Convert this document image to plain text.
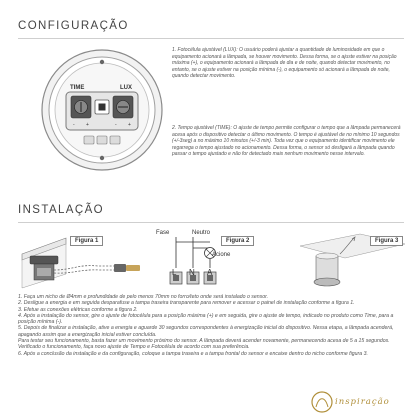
CONFIGURAÇÃO
TIME	LUX
- +	- +
1. Fotocélula ajustável (LUX): O usuário poderá ajustar a quantidade de luminosidade em que o equipamento acionará a lâmpada, se houver movimento. Dessa forma, se o ajuste estiver na posição máxima (+), o equipamento acionará a lâmpada de dia e de noite, quando detectar movimento, no entanto, se o ajuste estiver na posição mínima (-), o equipamento só acionará a lâmpada de noite, quando detectar movimento.
2. Tempo ajustável (TIME): O ajuste de tempo permite configurar o tempo que a lâmpada permanecerá acesa após o dispositivo detectar o último movimento. O tempo é ajustável de no mínimo 10 segundos (+/-3seg) a no máximo 10 minutos (+/-3 min). Toda vez que o equipamento identificar movimento ele regarrega o tempo ajustado no acionamento. Dessa forma, o sensor só desligará a lâmpada quando passar o tempo ajustado e não for detectado mais nenhum movimento nesse intervalo.
INSTALAÇÃO
Figura 1
Fase	Neutro
Acione
L N A
Figura 2	Figura 3

1. Faça um nicho de Ø4mm e profundidade de pelo menos 70mm no forro/teto onde será instalado o sensor.

2. Desligue a energia e em seguida desparafuse a tampa traseira transparente para remover e acessar o painel de instalação conforme a figura 1.

3. Efetue as conexões elétricas conforme a figura 2.

4. Após a instalação do sensor, gire o ajuste de fotocélula para a posição máxima (+) e em seguida, gire o ajuste de tempo, indicado no produto como Time, para a posição mínima (-).

5. Depois de finalizar a instalação, ative a energia e aguarde 30 segundos correspondentes à energização inicial do dispositivo. Nessa etapa, a lâmpada acenderá, apagando assim que a energização inicial estiver concluída.

Para testar seu funcionamento, basta fazer um movimento próximo do sensor. A lâmpada deverá acender novamente, permanecendo acesa de 5 a 15 segundos. Verificado o funcionamento, faça novo ajuste de Tempo e Fotocélula de acordo com sua preferência.

6. Após a conclusão da instalação e da configuração, coloque a tampa traseira e a tampa frontal do sensor e encaixe dentro do nicho conforme figura 3.

inspiração
